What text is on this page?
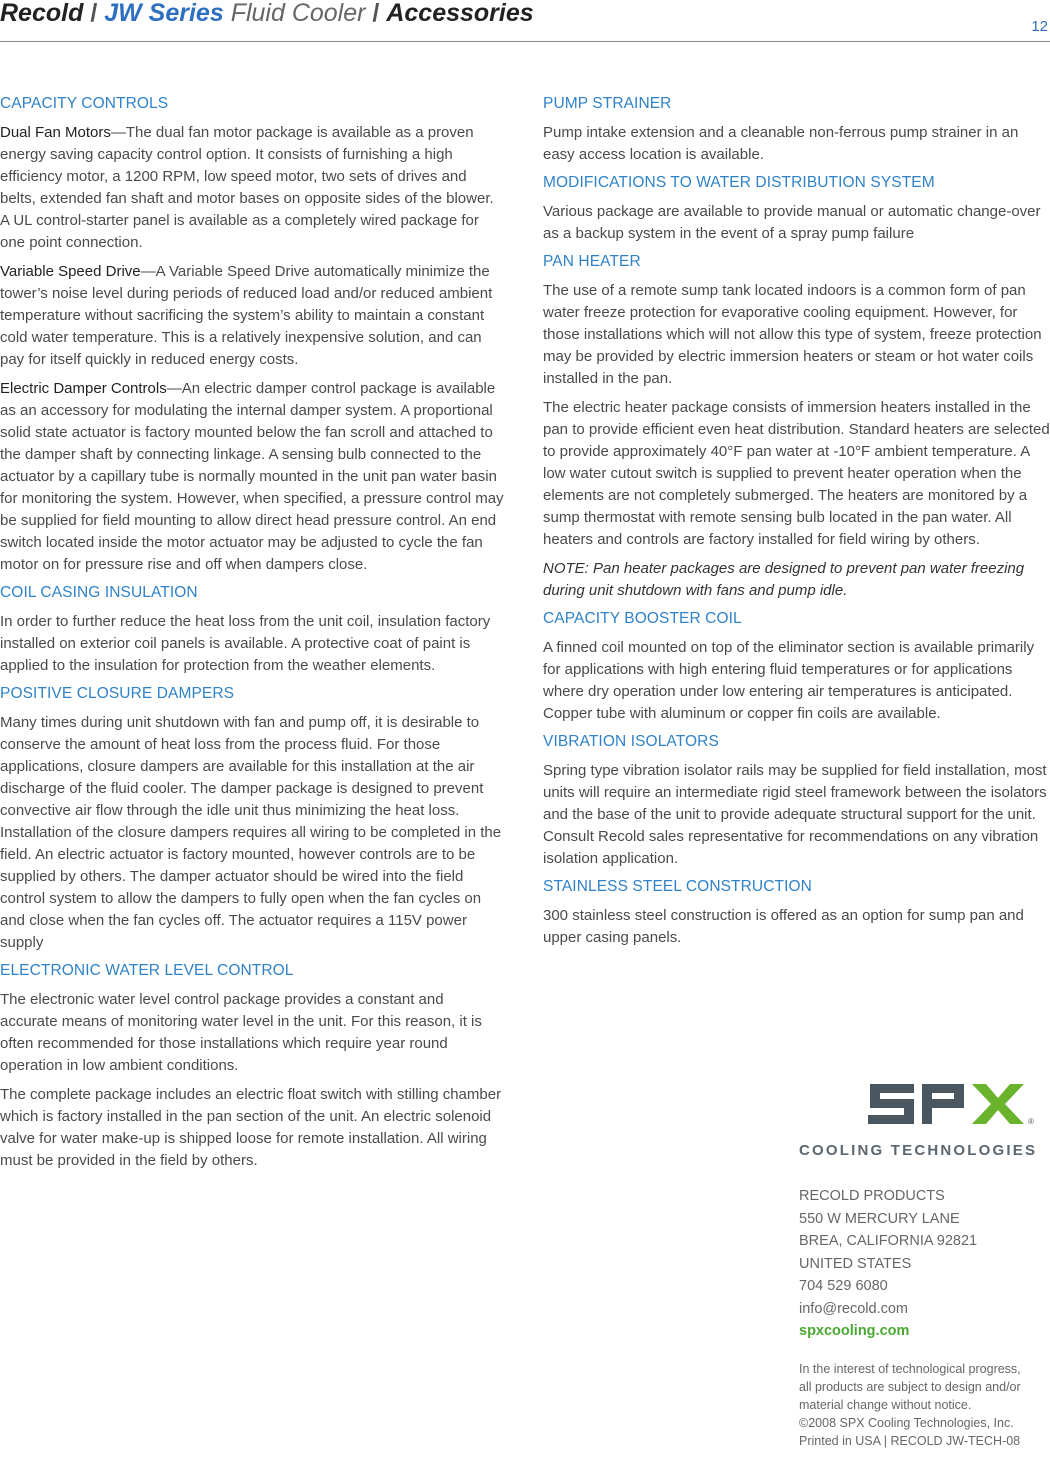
Recold / JW Series Fluid Cooler / Accessories	12
CAPACITY CONTROLS

Dual Fan Motors—The dual fan motor package is available as a proven energy saving capacity control option. It consists of furnishing a high efficiency motor, a 1200 RPM, low speed motor, two sets of drives and belts, extended fan shaft and motor bases on opposite sides of the blower. A UL control-starter panel is available as a completely wired package for one point connection.

Variable Speed Drive—A Variable Speed Drive automatically minimize the tower’s noise level during periods of reduced load and/or reduced ambient temperature without sacrificing the system’s ability to maintain a constant cold water temperature. This is a relatively inexpensive solution, and can pay for itself quickly in reduced energy costs.

Electric Damper Controls—An electric damper control package is available as an accessory for modulating the internal damper system. A proportional solid state actuator is factory mounted below the fan scroll and attached to the damper shaft by connecting linkage. A sensing bulb connected to the actuator by a capillary tube is normally mounted in the unit pan water basin for monitoring the system. However, when specified, a pressure control may be supplied for field mounting to allow direct head pressure control. An end switch located inside the motor actuator may be adjusted to cycle the fan motor on for pressure rise and off when dampers close.

COIL CASING INSULATION

In order to further reduce the heat loss from the unit coil, insulation factory installed on exterior coil panels is available. A protective coat of paint is applied to the insulation for protection from the weather elements.

POSITIVE CLOSURE DAMPERS

Many times during unit shutdown with fan and pump off, it is desirable to conserve the amount of heat loss from the process fluid. For those applications, closure dampers are available for this installation at the air discharge of the fluid cooler. The damper package is designed to prevent convective air flow through the idle unit thus minimizing the heat loss. Installation of the closure dampers requires all wiring to be completed in the field. An electric actuator is factory mounted, however controls are to be supplied by others. The damper actuator should be wired into the field control system to allow the dampers to fully open when the fan cycles on and close when the fan cycles off. The actuator requires a 115V power supply

ELECTRONIC WATER LEVEL CONTROL

The electronic water level control package provides a constant and accurate means of monitoring water level in the unit. For this reason, it is often recommended for those installations which require year round operation in low ambient conditions.

The complete package includes an electric float switch with stilling chamber which is factory installed in the pan section of the unit. An electric solenoid valve for water make-up is shipped loose for remote installation. All wiring must be provided in the field by others.

PUMP STRAINER

Pump intake extension and a cleanable non-ferrous pump strainer in an easy access location is available.

MODIFICATIONS TO WATER DISTRIBUTION SYSTEM

Various package are available to provide manual or automatic change-over as a backup system in the event of a spray pump failure

PAN HEATER

The use of a remote sump tank located indoors is a common form of pan water freeze protection for evaporative cooling equipment. However, for those installations which will not allow this type of system, freeze protection may be provided by electric immersion heaters or steam or hot water coils installed in the pan.

The electric heater package consists of immersion heaters installed in the pan to provide efficient even heat distribution. Standard heaters are selected to provide approximately 40°F pan water at -10°F ambient temperature. A low water cutout switch is supplied to prevent heater operation when the elements are not completely submerged. The heaters are monitored by a sump thermostat with remote sensing bulb located in the pan water. All heaters and controls are factory installed for field wiring by others.

NOTE: Pan heater packages are designed to prevent pan water freezing during unit shutdown with fans and pump idle.

CAPACITY BOOSTER COIL

A finned coil mounted on top of the eliminator section is available primarily for applications with high entering fluid temperatures or for applications where dry operation under low entering air temperatures is anticipated. Copper tube with aluminum or copper fin coils are available.

VIBRATION ISOLATORS

Spring type vibration isolator rails may be supplied for field installation, most units will require an intermediate rigid steel framework between the isolators and the base of the unit to provide adequate structural support for the unit. Consult Recold sales representative for recommendations on any vibration isolation application.

STAINLESS STEEL CONSTRUCTION

300 stainless steel construction is offered as an option for sump pan and upper casing panels.

®
COOLING TECHNOLOGIES
RECOLD PRODUCTS
550 W MERCURY LANE
BREA, CALIFORNIA 92821
UNITED STATES
704 529 6080
info@recold.com
spxcooling.com
In the interest of technological progress,
all products are subject to design and/or
material change without notice.
©2008 SPX Cooling Technologies, Inc.
Printed in USA | RECOLD JW-TECH-08
